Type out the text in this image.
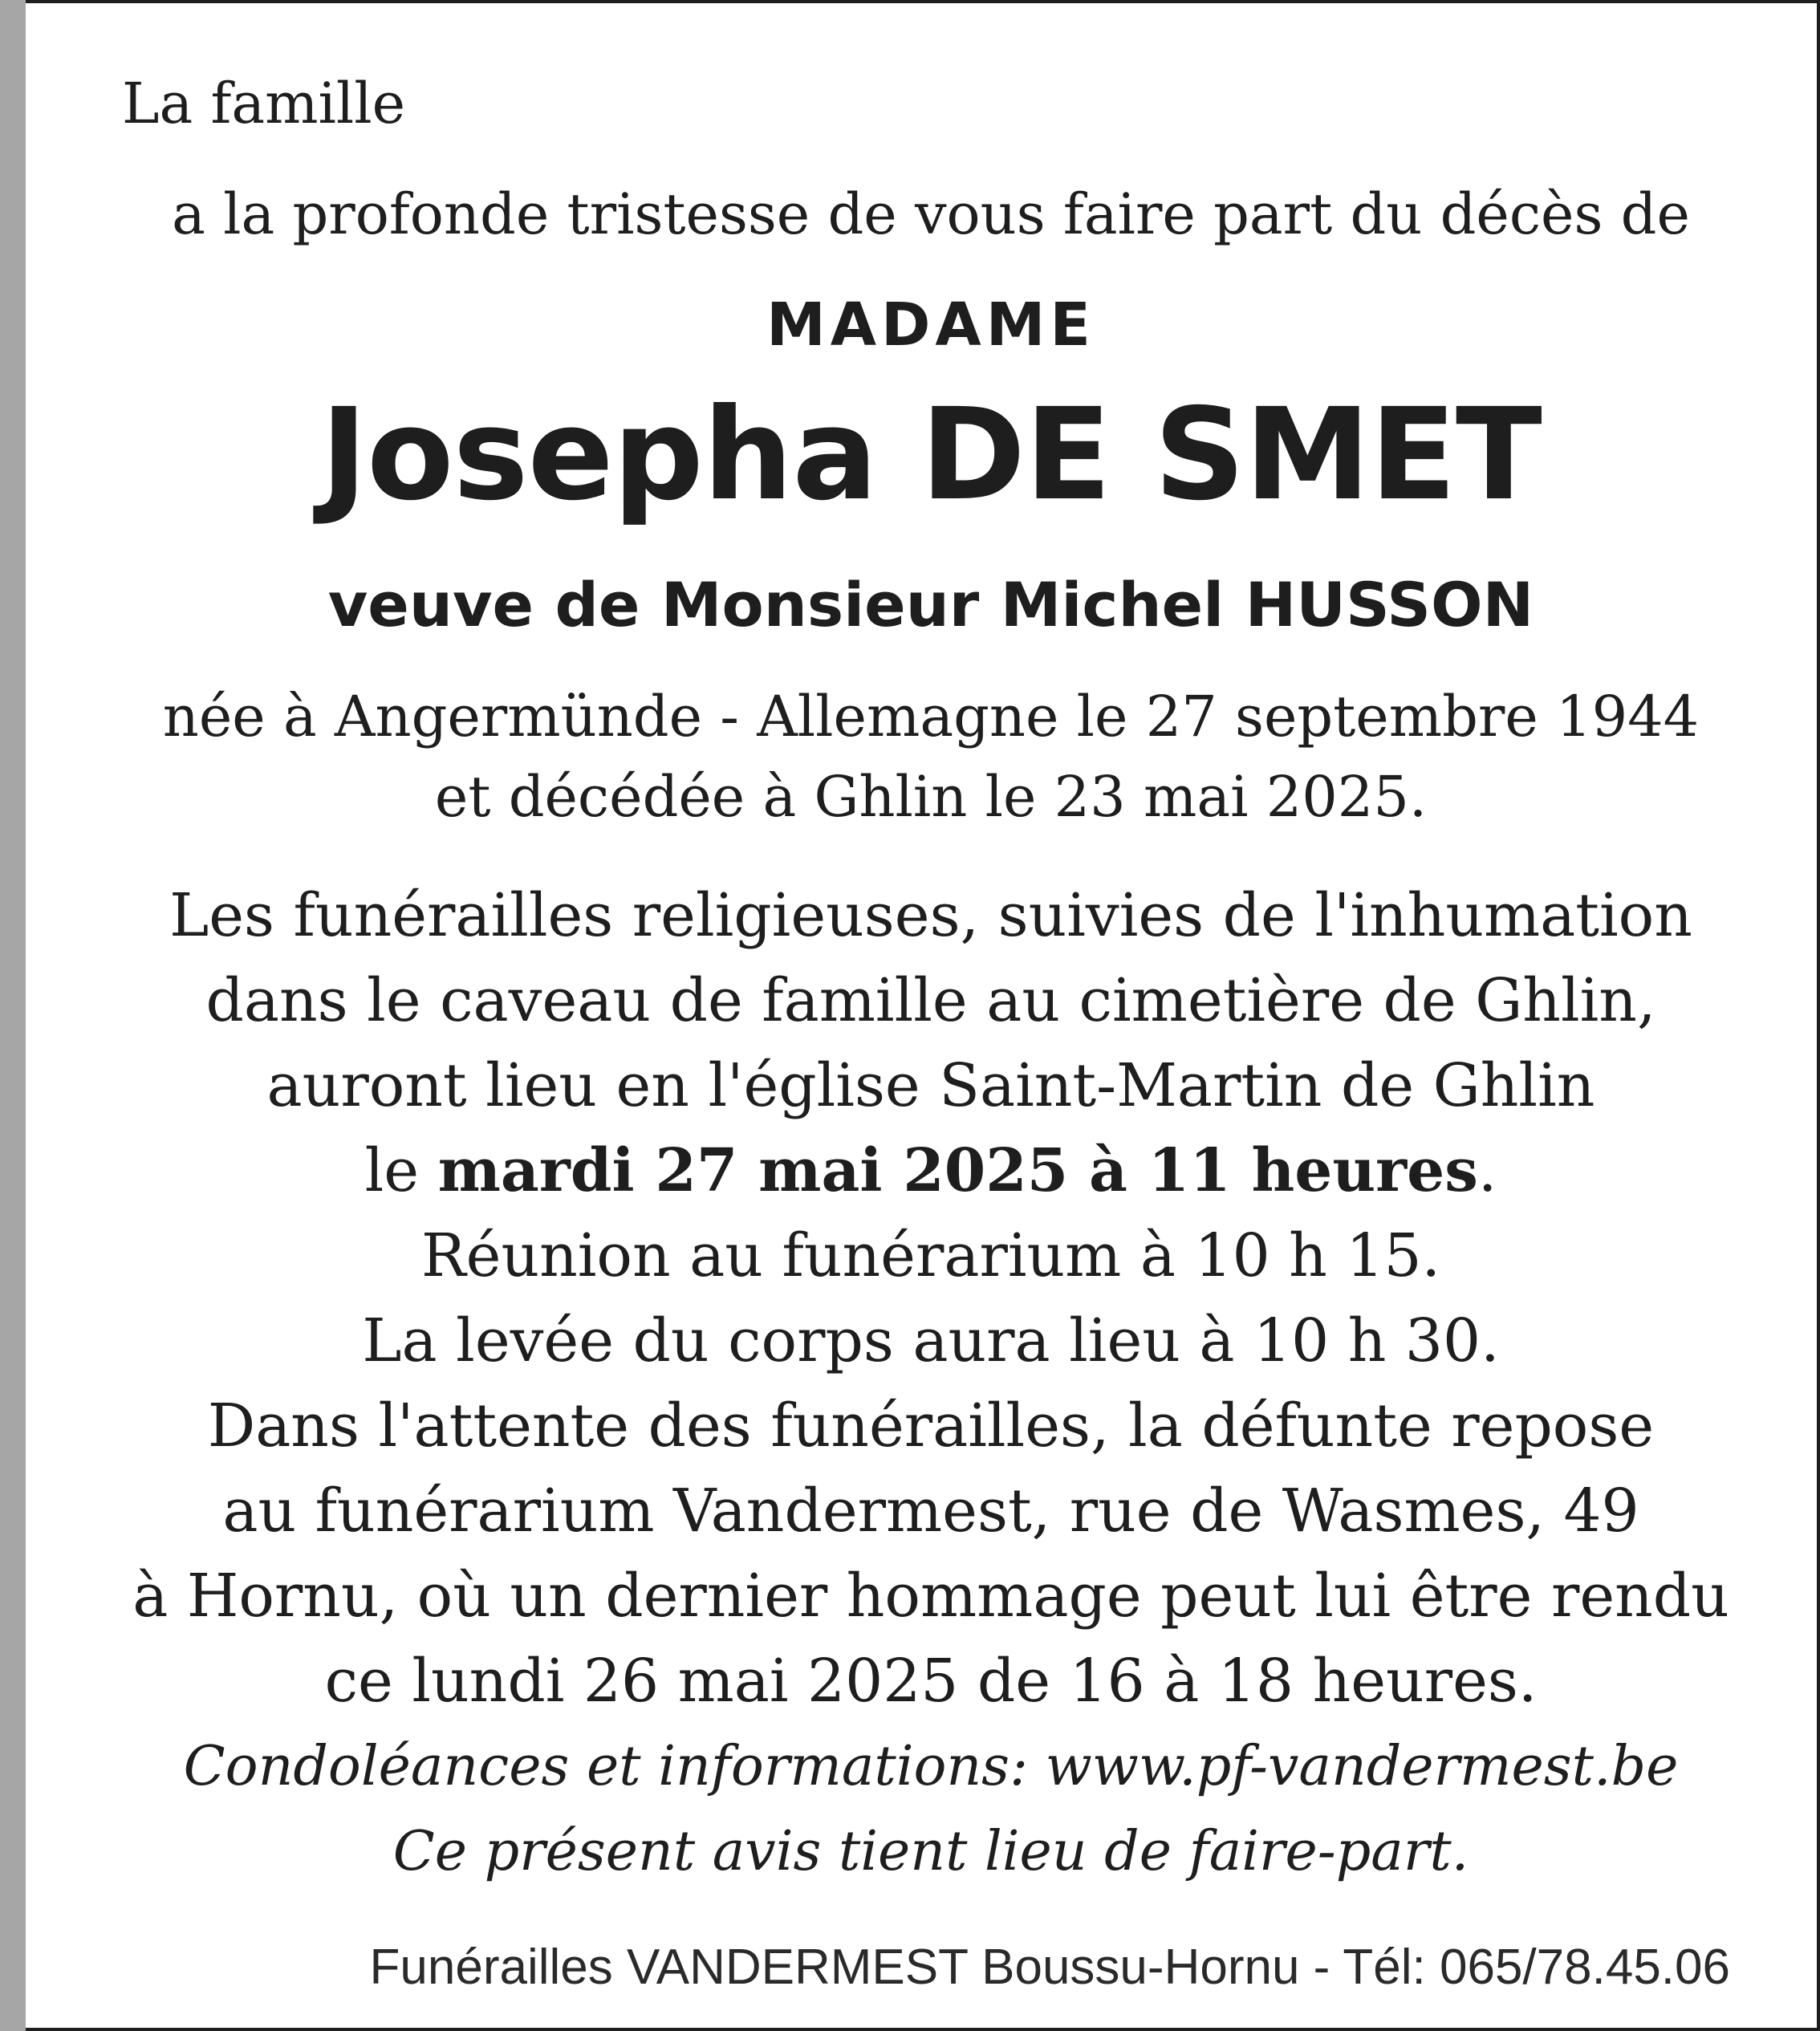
La famille
a la profonde tristesse de vous faire part du décès de
MADAME
Josepha DE SMET
veuve de Monsieur Michel HUSSON
née à Angermünde - Allemagne le 27 septembre 1944
et décédée à Ghlin le 23 mai 2025.
Les funérailles religieuses, suivies de l'inhumation
dans le caveau de famille au cimetière de Ghlin,
auront lieu en l'église Saint-Martin de Ghlin
le mardi 27 mai 2025 à 11 heures.
Réunion au funérarium à 10 h 15.
La levée du corps aura lieu à 10 h 30.
Dans l'attente des funérailles, la défunte repose
au funérarium Vandermest, rue de Wasmes, 49
à Hornu, où un dernier hommage peut lui être rendu
ce lundi 26 mai 2025 de 16 à 18 heures.
Condoléances et informations: www.pf-vandermest.be
Ce présent avis tient lieu de faire-part.
Funérailles VANDERMEST Boussu-Hornu - Tél: 065/78.45.06
